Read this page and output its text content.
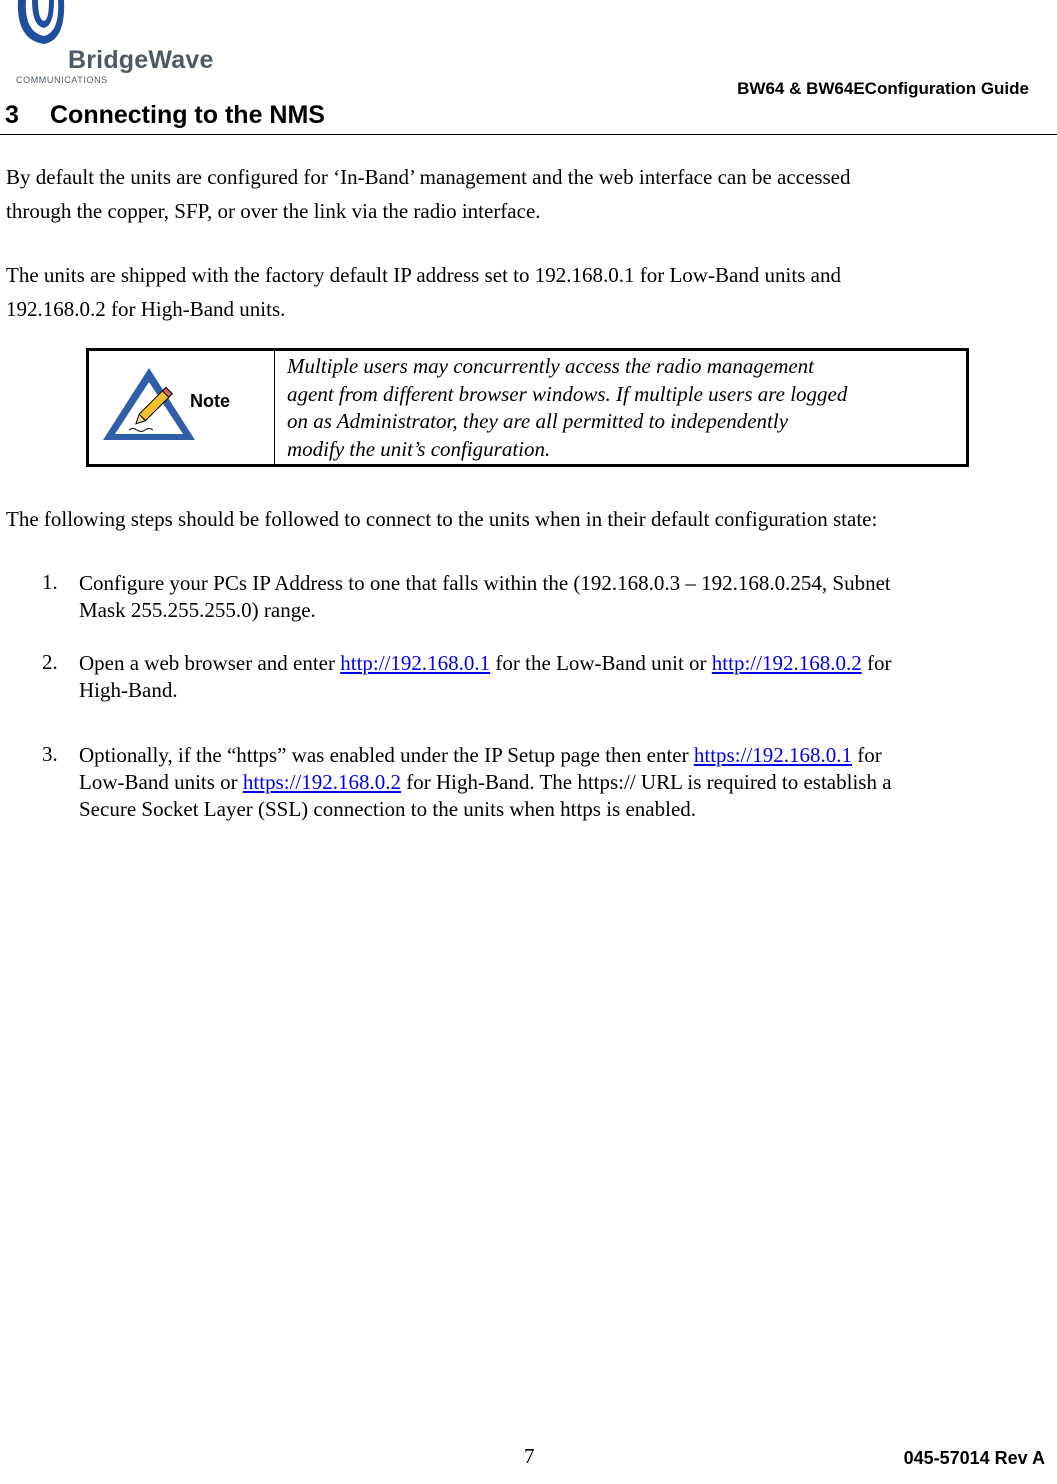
BridgeWave
COMMUNICATIONS	BW64 & BW64EConfiguration Guide
3 Connecting to the NMS
By default the units are configured for ‘In-Band’ management and the web interface can be accessed
through the copper, SFP, or over the link via the radio interface.
The units are shipped with the factory default IP address set to 192.168.0.1 for Low-Band units and
192.168.0.2 for High-Band units.
Note
Multiple users may concurrently access the radio management
agent from different browser windows. If multiple users are logged
on as Administrator, they are all permitted to independently
modify the unit’s configuration.
The following steps should be followed to connect to the units when in their default configuration state:
1. Configure your PCs IP Address to one that falls within the (192.168.0.3 – 192.168.0.254, Subnet
Mask 255.255.255.0) range.
2. Open a web browser and enter http://192.168.0.1 for the Low-Band unit or http://192.168.0.2 for
High-Band.
3. Optionally, if the “https” was enabled under the IP Setup page then enter https://192.168.0.1 for
Low-Band units or https://192.168.0.2 for High-Band. The https:// URL is required to establish a
Secure Socket Layer (SSL) connection to the units when https is enabled.
7	045-57014 Rev A
